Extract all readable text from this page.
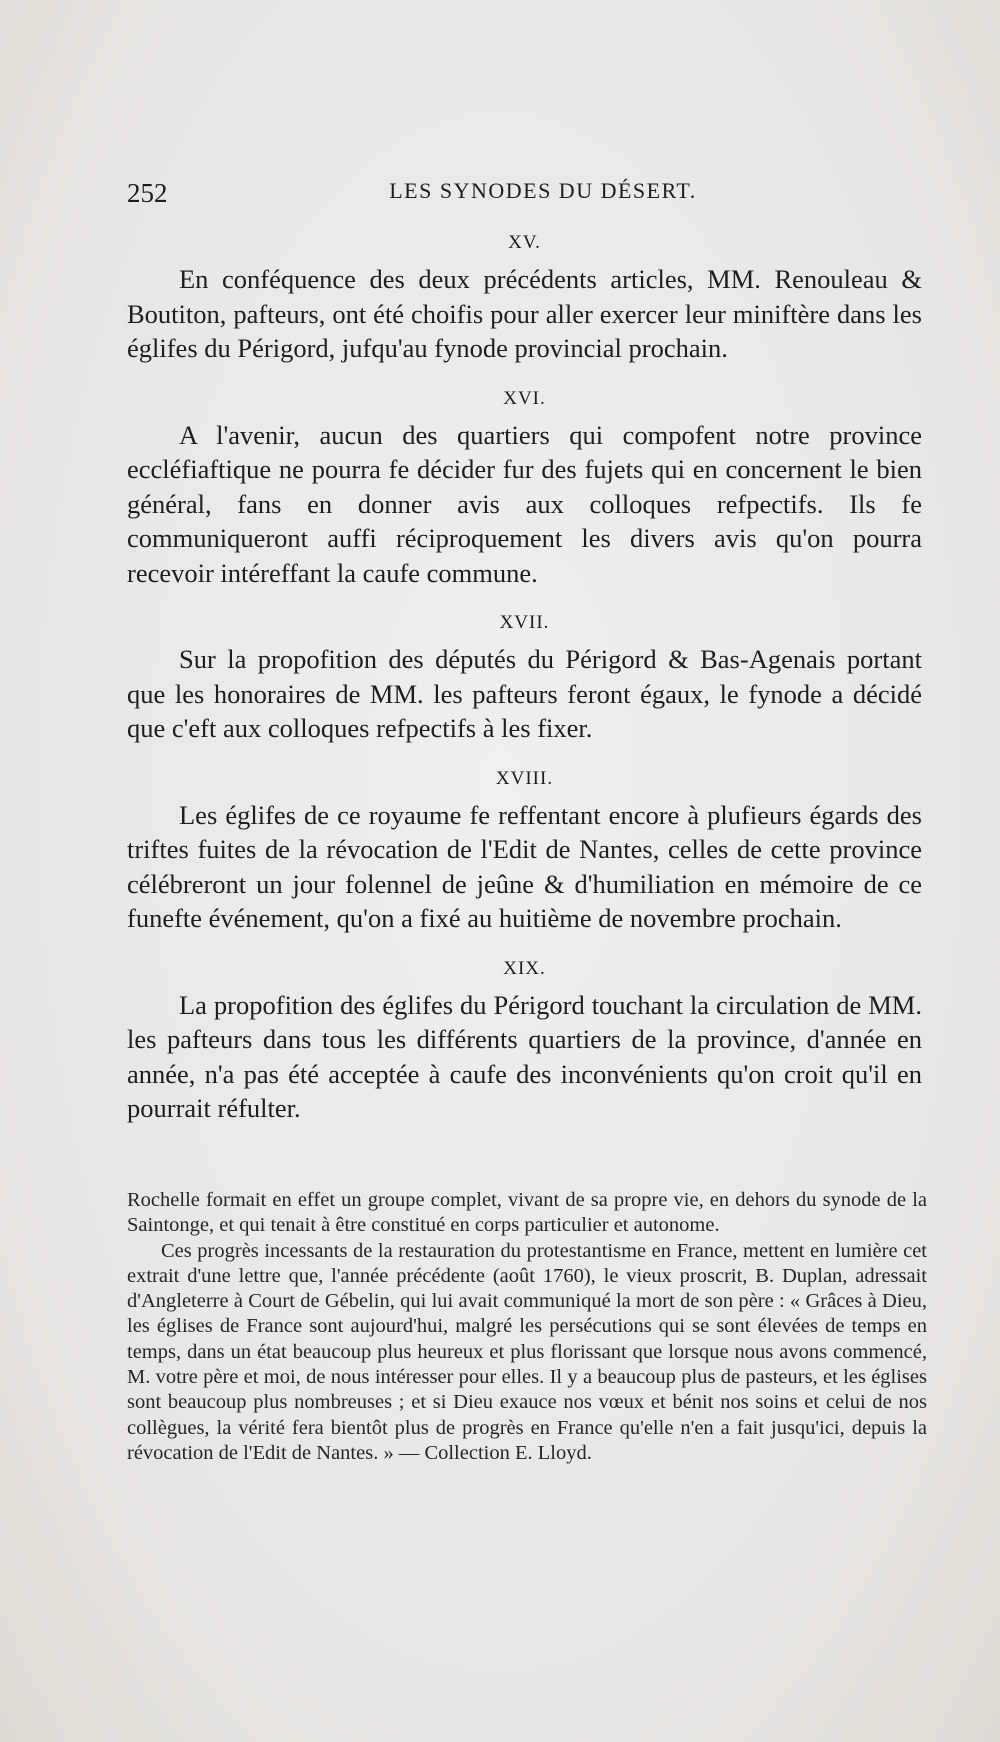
252	LES SYNODES DU DÉSERT.
XV.

En conféquence des deux précédents articles, MM. Renouleau & Boutiton, pafteurs, ont été choifis pour aller exercer leur miniftère dans les églifes du Périgord, jufqu'au fynode provincial prochain.

XVI.

A l'avenir, aucun des quartiers qui compofent notre province eccléfiaftique ne pourra fe décider fur des fujets qui en concernent le bien général, fans en donner avis aux colloques refpectifs. Ils fe communiqueront auffi réciproquement les divers avis qu'on pourra recevoir intéreffant la caufe commune.

XVII.

Sur la propofition des députés du Périgord & Bas-Agenais portant que les honoraires de MM. les pafteurs feront égaux, le fynode a décidé que c'eft aux colloques refpectifs à les fixer.

XVIII.

Les églifes de ce royaume fe reffentant encore à plufieurs égards des triftes fuites de la révocation de l'Edit de Nantes, celles de cette province célébreront un jour folennel de jeûne & d'humiliation en mémoire de ce funefte événement, qu'on a fixé au huitième de novembre prochain.

XIX.

La propofition des églifes du Périgord touchant la circulation de MM. les pafteurs dans tous les différents quartiers de la province, d'année en année, n'a pas été acceptée à caufe des inconvénients qu'on croit qu'il en pourrait réfulter.

Rochelle formait en effet un groupe complet, vivant de sa propre vie, en dehors du synode de la Saintonge, et qui tenait à être constitué en corps particulier et autonome.

Ces progrès incessants de la restauration du protestantisme en France, mettent en lumière cet extrait d'une lettre que, l'année précédente (août 1760), le vieux proscrit, B. Duplan, adressait d'Angleterre à Court de Gébelin, qui lui avait communiqué la mort de son père : « Grâces à Dieu, les églises de France sont aujourd'hui, malgré les persécutions qui se sont élevées de temps en temps, dans un état beaucoup plus heureux et plus florissant que lorsque nous avons commencé, M. votre père et moi, de nous intéresser pour elles. Il y a beaucoup plus de pasteurs, et les églises sont beaucoup plus nombreuses ; et si Dieu exauce nos vœux et bénit nos soins et celui de nos collègues, la vérité fera bientôt plus de progrès en France qu'elle n'en a fait jusqu'ici, depuis la révocation de l'Edit de Nantes. » — Collection E. Lloyd.
